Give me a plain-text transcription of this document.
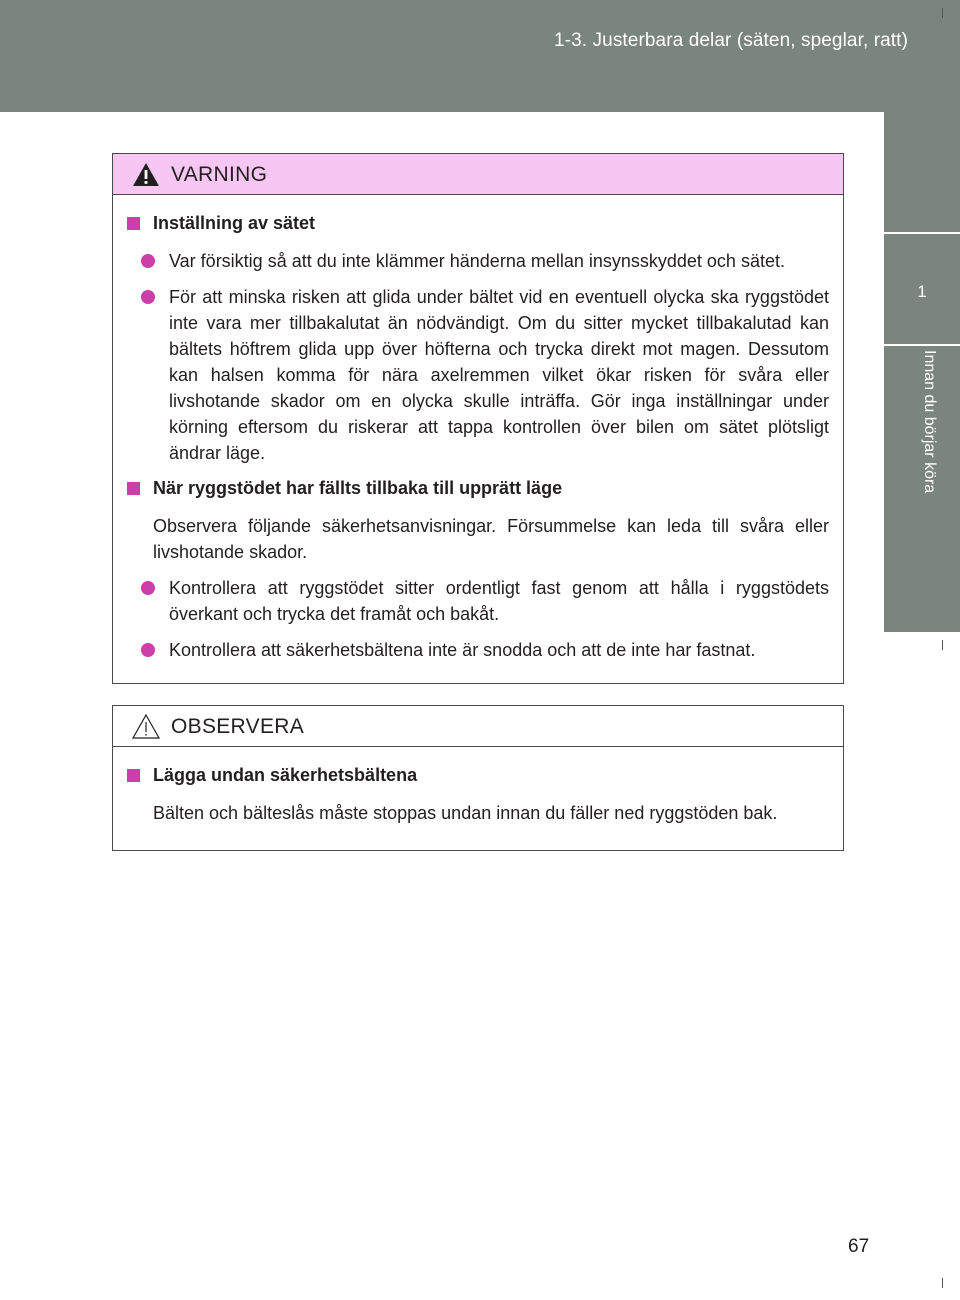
1-3. Justerbara delar (säten, speglar, ratt)
1
Innan du börjar köra
VARNING
Inställning av sätet
Var försiktig så att du inte klämmer händerna mellan insynsskyddet och sätet.
För att minska risken att glida under bältet vid en eventuell olycka ska ryggstödet inte vara mer tillbakalutat än nödvändigt. Om du sitter mycket tillbakalutad kan bältets höftrem glida upp över höfterna och trycka direkt mot magen. Dessutom kan halsen komma för nära axelremmen vilket ökar risken för svåra eller livshotande skador om en olycka skulle inträffa. Gör inga inställningar under körning eftersom du riskerar att tappa kontrollen över bilen om sätet plötsligt ändrar läge.
När ryggstödet har fällts tillbaka till upprätt läge
Observera följande säkerhetsanvisningar. Försummelse kan leda till svåra eller livshotande skador.
Kontrollera att ryggstödet sitter ordentligt fast genom att hålla i ryggstödets överkant och trycka det framåt och bakåt.
Kontrollera att säkerhetsbältena inte är snodda och att de inte har fastnat.
OBSERVERA
Lägga undan säkerhetsbältena
Bälten och bälteslås måste stoppas undan innan du fäller ned ryggstöden bak.
67
